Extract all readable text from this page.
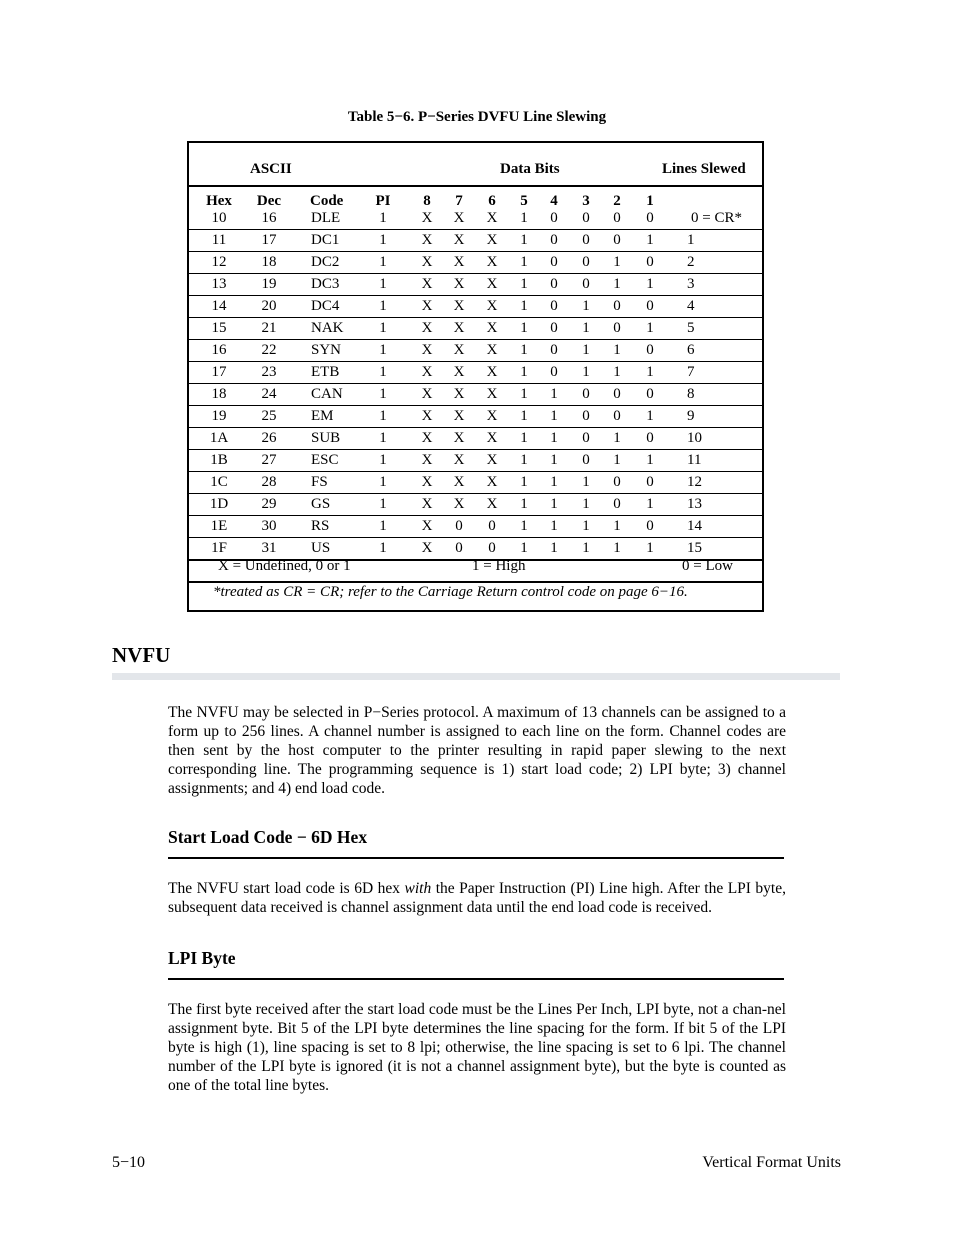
Table 5−6. P−Series DVFU Line Slewing
ASCII	Data Bits	Lines Slewed
Hex Dec Code	PI	8	7	6	5	4	3	2	1
10	16	DLE	1	X	X	X	1	0	0	0	0	0 = CR*
11	17	DC1	1	X	X	X	1	0	0	0	1	1
12	18	DC2	1	X	X	X	1	0	0	1	0	2
13	19	DC3	1	X	X	X	1	0	0	1	1	3
14	20	DC4	1	X	X	X	1	0	1	0	0	4
15	21	NAK	1	X	X	X	1	0	1	0	1	5
16	22	SYN	1	X	X	X	1	0	1	1	0	6
17	23	ETB	1	X	X	X	1	0	1	1	1	7
18	24	CAN	1	X	X	X	1	1	0	0	0	8
19	25	EM	1	X	X	X	1	1	0	0	1	9
1A	26	SUB	1	X	X	X	1	1	0	1	0	10
1B	27	ESC	1	X	X	X	1	1	0	1	1	11
1C	28	FS	1	X	X	X	1	1	1	0	0	12
1D	29	GS	1	X	X	X	1	1	1	0	1	13
1E	30	RS	1	X	0	0	1	1	1	1	0	14
1F	31	US	1	X	0	0	1	1	1	1	1	15
X = Undefined, 0 or 1	1 = High	0 = Low
*treated as CR = CR; refer to the Carriage Return control code on page 6−16.
NVFU
The NVFU may be selected in P−Series protocol. A maximum of 13 channels can be assigned to a form up to 256 lines. A channel number is assigned to each line on the form. Channel codes are then sent by the host computer to the printer resulting in rapid paper slewing to the next corresponding line. The programming sequence is 1) start load code; 2) LPI byte; 3) channel assignments; and 4) end load code.
Start Load Code − 6D Hex
The NVFU start load code is 6D hex with the Paper Instruction (PI) Line high. After the LPI byte, subsequent data received is channel assignment data until the end load code is received.
LPI Byte
The first byte received after the start load code must be the Lines Per Inch, LPI byte, not a chan-nel assignment byte. Bit 5 of the LPI byte determines the line spacing for the form. If bit 5 of the LPI byte is high (1), line spacing is set to 8 lpi; otherwise, the line spacing is set to 6 lpi. The channel number of the LPI byte is ignored (it is not a channel assignment byte), but the byte is counted as one of the total line bytes.
5−10	Vertical Format Units
